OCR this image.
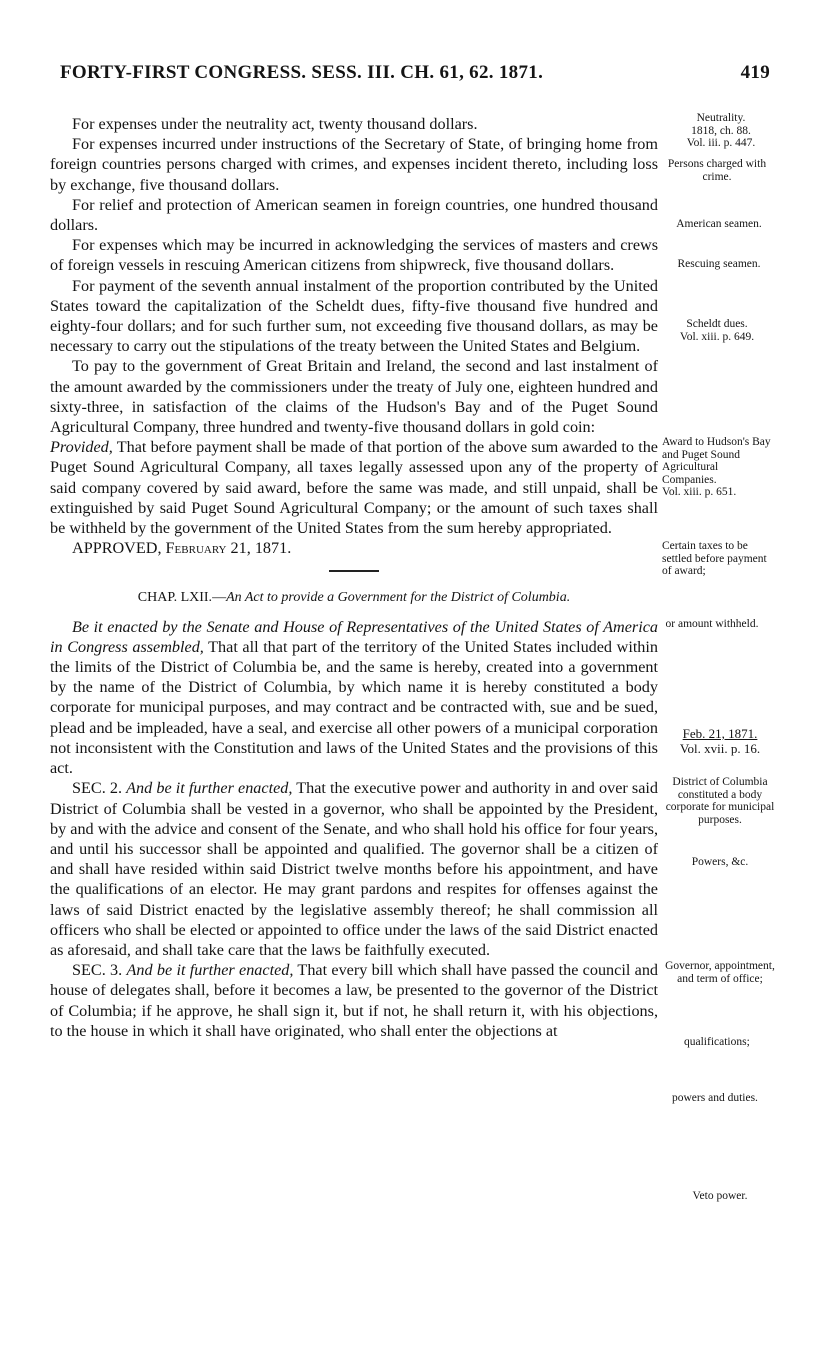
FORTY-FIRST CONGRESS. SESS. III. CH. 61, 62. 1871.	419

For expenses under the neutrality act, twenty thousand dollars.

For expenses incurred under instructions of the Secretary of State, of bringing home from foreign countries persons charged with crimes, and expenses incident thereto, including loss by exchange, five thousand dollars.

For relief and protection of American seamen in foreign countries, one hundred thousand dollars.

For expenses which may be incurred in acknowledging the services of masters and crews of foreign vessels in rescuing American citizens from shipwreck, five thousand dollars.

For payment of the seventh annual instalment of the proportion contributed by the United States toward the capitalization of the Scheldt dues, fifty-five thousand five hundred and eighty-four dollars; and for such further sum, not exceeding five thousand dollars, as may be necessary to carry out the stipulations of the treaty between the United States and Belgium.

To pay to the government of Great Britain and Ireland, the second and last instalment of the amount awarded by the commissioners under the treaty of July one, eighteen hundred and sixty-three, in satisfaction of the claims of the Hudson's Bay and of the Puget Sound Agricultural Company, three hundred and twenty-five thousand dollars in gold coin:

Provided, That before payment shall be made of that portion of the above sum awarded to the Puget Sound Agricultural Company, all taxes legally assessed upon any of the property of said company covered by said award, before the same was made, and still unpaid, shall be extinguished by said Puget Sound Agricultural Company; or the amount of such taxes shall be withheld by the government of the United States from the sum hereby appropriated.

APPROVED, February 21, 1871.

CHAP. LXII.—An Act to provide a Government for the District of Columbia.

Be it enacted by the Senate and House of Representatives of the United States of America in Congress assembled, That all that part of the territory of the United States included within the limits of the District of Columbia be, and the same is hereby, created into a government by the name of the District of Columbia, by which name it is hereby constituted a body corporate for municipal purposes, and may contract and be contracted with, sue and be sued, plead and be impleaded, have a seal, and exercise all other powers of a municipal corporation not inconsistent with the Constitution and laws of the United States and the provisions of this act.

SEC. 2. And be it further enacted, That the executive power and authority in and over said District of Columbia shall be vested in a governor, who shall be appointed by the President, by and with the advice and consent of the Senate, and who shall hold his office for four years, and until his successor shall be appointed and qualified. The governor shall be a citizen of and shall have resided within said District twelve months before his appointment, and have the qualifications of an elector. He may grant pardons and respites for offenses against the laws of said District enacted by the legislative assembly thereof; he shall commission all officers who shall be elected or appointed to office under the laws of the said District enacted as aforesaid, and shall take care that the laws be faithfully executed.

SEC. 3. And be it further enacted, That every bill which shall have passed the council and house of delegates shall, before it becomes a law, be presented to the governor of the District of Columbia; if he approve, he shall sign it, but if not, he shall return it, with his objections, to the house in which it shall have originated, who shall enter the objections at

Neutrality.
1818, ch. 88.
Vol. iii. p. 447.
Persons charged with crime.
American seamen.
Rescuing seamen.
Scheldt dues.
Vol. xiii. p. 649.
Award to Hudson's Bay and Puget Sound Agricultural Companies.
Vol. xiii. p. 651.
Certain taxes to be settled before payment of award;
or amount withheld.
Feb. 21, 1871.
Vol. xvii. p. 16.
District of Columbia constituted a body corporate for municipal purposes.
Powers, &c.
Governor, appointment, and term of office;
qualifications;
powers and duties.
Veto power.
